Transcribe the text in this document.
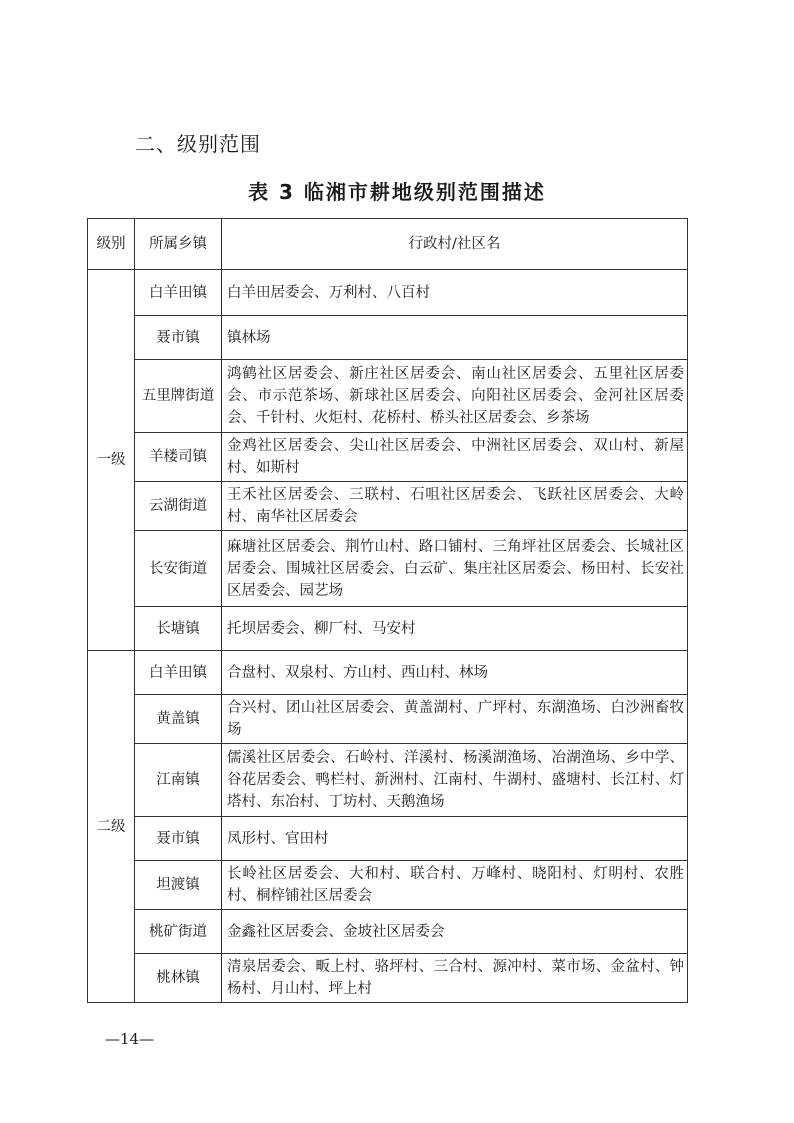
二、级别范围
表 3 临湘市耕地级别范围描述
级别	所属乡镇	行政村/社区名
一级	白羊田镇	白羊田居委会、万利村、八百村
	聂市镇	镇林场
	五里牌街道	鸿鹤社区居委会、新庄社区居委会、南山社区居委会、五里社区居委会、市示范茶场、新球社区居委会、向阳社区居委会、金河社区居委会、千针村、火炬村、花桥村、桥头社区居委会、乡茶场
	羊楼司镇	金鸡社区居委会、尖山社区居委会、中洲社区居委会、双山村、新屋村、如斯村
	云湖街道	王禾社区居委会、三联村、石咀社区居委会、飞跃社区居委会、大岭村、南华社区居委会
	长安街道	麻塘社区居委会、荆竹山村、路口铺村、三角坪社区居委会、长城社区居委会、围城社区居委会、白云矿、集庄社区居委会、杨田村、长安社区居委会、园艺场
	长塘镇	托坝居委会、柳厂村、马安村
二级	白羊田镇	合盘村、双泉村、方山村、西山村、林场
	黄盖镇	合兴村、团山社区居委会、黄盖湖村、广坪村、东湖渔场、白沙洲畜牧场
	江南镇	儒溪社区居委会、石岭村、洋溪村、杨溪湖渔场、冶湖渔场、乡中学、谷花居委会、鸭栏村、新洲村、江南村、牛湖村、盛塘村、长江村、灯塔村、东冶村、丁坊村、天鹅渔场
	聂市镇	凤形村、官田村
	坦渡镇	长岭社区居委会、大和村、联合村、万峰村、晓阳村、灯明村、农胜村、桐梓铺社区居委会
	桃矿街道	金鑫社区居委会、金坡社区居委会
	桃林镇	清泉居委会、畈上村、骆坪村、三合村、源冲村、菜市场、金盆村、钟杨村、月山村、坪上村

—14—
